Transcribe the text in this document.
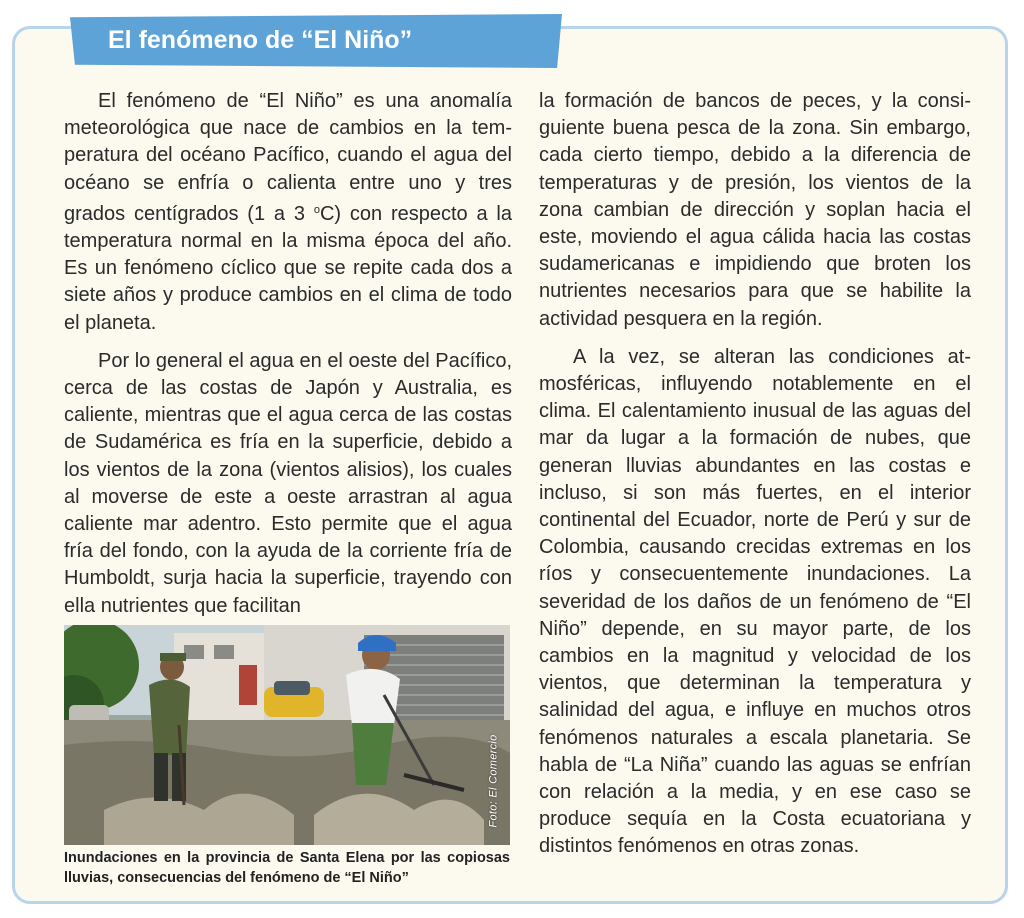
El fenómeno de “El Niño”

El fenómeno de “El Niño” es una anomalía meteorológica que nace de cambios en la temperatura del océano Pacífico, cuando el agua del océano se enfría o calienta entre uno y tres grados centígrados (1 a 3 $^o$C) con respecto a la temperatura normal en la misma época del año. Es un fenómeno cíclico que se repite cada dos a siete años y produce cambios en el clima de todo el planeta.

Por lo general el agua en el oeste del Pacífico, cerca de las costas de Japón y Australia, es caliente, mientras que el agua cerca de las costas de Sudamérica es fría en la superficie, debido a los vientos de la zona (vientos alisios), los cuales al moverse de este a oeste arrastran al agua caliente mar adentro. Esto permite que el agua fría del fondo, con la ayuda de la corriente fría de Humboldt, surja hacia la superficie, trayendo con ella nutrientes que facilitan

la formación de bancos de peces, y la consiguiente buena pesca de la zona. Sin embargo, cada cierto tiempo, debido a la diferencia de temperaturas y de presión, los vientos de la zona cambian de dirección y soplan hacia el este, moviendo el agua cálida hacia las costas sudamericanas e impidiendo que broten los nutrientes necesarios para que se habilite la actividad pesquera en la región.

A la vez, se alteran las condiciones atmosféricas, influyendo notablemente en el clima. El calentamiento inusual de las aguas del mar da lugar a la formación de nubes, que generan lluvias abundantes en las costas e incluso, si son más fuertes, en el interior continental del Ecuador, norte de Perú y sur de Colombia, causando crecidas extremas en los ríos y consecuentemente inundaciones. La severidad de los daños de un fenómeno de “El Niño” depende, en su mayor parte, de los cambios en la magnitud y velocidad de los vientos, que determinan la temperatura y salinidad del agua, e influye en muchos otros fenómenos naturales a escala planetaria. Se habla de “La Niña” cuando las aguas se enfrían con relación a la media, y en ese caso se produce sequía en la Costa ecuatoriana y distintos fenómenos en otras zonas.

Foto: El Comercio
Inundaciones en la provincia de Santa Elena por las copiosas lluvias, consecuencias del fenómeno de “El Niño”
